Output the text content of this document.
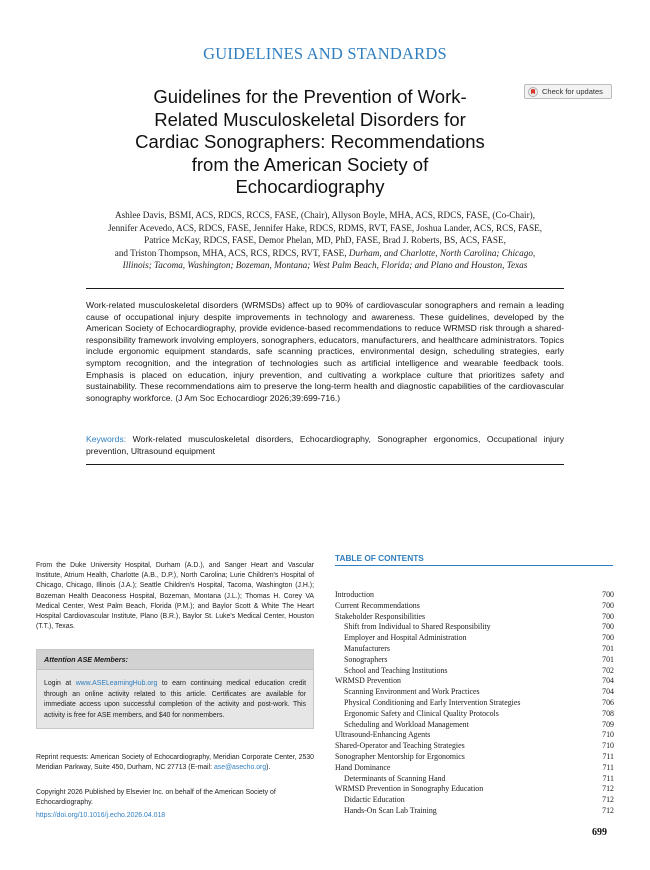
GUIDELINES AND STANDARDS
Guidelines for the Prevention of Work-
Related Musculoskeletal Disorders for
Cardiac Sonographers: Recommendations
from the American Society of
Echocardiography
Check for updates
Ashlee Davis, BSMI, ACS, RDCS, RCCS, FASE, (Chair), Allyson Boyle, MHA, ACS, RDCS, FASE, (Co-Chair),
Jennifer Acevedo, ACS, RDCS, FASE, Jennifer Hake, RDCS, RDMS, RVT, FASE, Joshua Lander, ACS, RCS, FASE,
Patrice McKay, RDCS, FASE, Demor Phelan, MD, PhD, FASE, Brad J. Roberts, BS, ACS, FASE,
and Triston Thompson, MHA, ACS, RCS, RDCS, RVT, FASE, Durham, and Charlotte, North Carolina; Chicago,
Illinois; Tacoma, Washington; Bozeman, Montana; West Palm Beach, Florida; and Plano and Houston, Texas
Work-related musculoskeletal disorders (WRMSDs) affect up to 90% of cardiovascular sonographers and remain a leading cause of occupational injury despite improvements in technology and awareness. These guidelines, developed by the American Society of Echocardiography, provide evidence-based recommendations to reduce WRMSD risk through a shared-responsibility framework involving employers, sonographers, educators, manufacturers, and healthcare administrators. Topics include ergonomic equipment standards, safe scanning practices, environmental design, scheduling strategies, early symptom recognition, and the integration of technologies such as artificial intelligence and wearable feedback tools. Emphasis is placed on education, injury prevention, and cultivating a workplace culture that prioritizes safety and sustainability. These recommendations aim to preserve the long-term health and diagnostic capabilities of the cardiovascular sonography workforce. (J Am Soc Echocardiogr 2026;39:699-716.)
Keywords: Work-related musculoskeletal disorders, Echocardiography, Sonographer ergonomics, Occupational injury prevention, Ultrasound equipment
From the Duke University Hospital, Durham (A.D.), and Sanger Heart and Vascular Institute, Atrium Health, Charlotte (A.B., D.P.), North Carolina; Lurie Children's Hospital of Chicago, Chicago, Illinois (J.A.); Seattle Children's Hospital, Tacoma, Washington (J.H.); Bozeman Health Deaconess Hospital, Bozeman, Montana (J.L.); Thomas H. Corey VA Medical Center, West Palm Beach, Florida (P.M.); and Baylor Scott & White The Heart Hospital Cardiovascular Institute, Plano (B.R.), Baylor St. Luke's Medical Center, Houston (T.T.), Texas.
Attention ASE Members:
Login at www.ASELearningHub.org to earn continuing medical education credit through an online activity related to this article. Certificates are available for immediate access upon successful completion of the activity and post-work. This activity is free for ASE members, and $40 for nonmembers.
Reprint requests: American Society of Echocardiography, Meridian Corporate Center, 2530 Meridian Parkway, Suite 450, Durham, NC 27713 (E-mail: ase@asecho.org).
Copyright 2026 Published by Elsevier Inc. on behalf of the American Society of Echocardiography.
https://doi.org/10.1016/j.echo.2026.04.018
TABLE OF CONTENTS
Introduction	700
Current Recommendations	700
Stakeholder Responsibilities	700
Shift from Individual to Shared Responsibility	700
Employer and Hospital Administration	700
Manufacturers	701
Sonographers	701
School and Teaching Institutions	702
WRMSD Prevention	704
Scanning Environment and Work Practices	704
Physical Conditioning and Early Intervention Strategies	706
Ergonomic Safety and Clinical Quality Protocols	708
Scheduling and Workload Management	709
Ultrasound-Enhancing Agents	710
Shared-Operator and Teaching Strategies	710
Sonographer Mentorship for Ergonomics	711
Hand Dominance	711
Determinants of Scanning Hand	711
WRMSD Prevention in Sonography Education	712
Didactic Education	712
Hands-On Scan Lab Training	712
699
